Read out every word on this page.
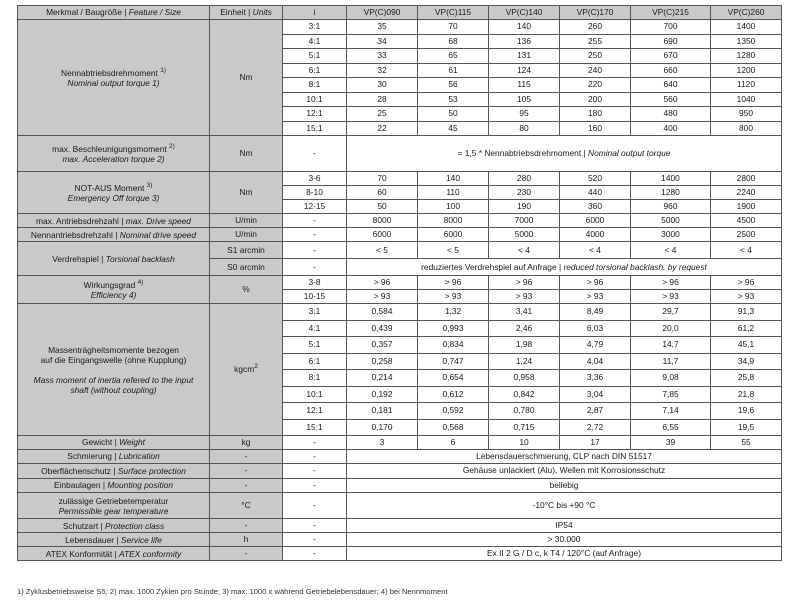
Merkmal / Baugröße | Feature / Size	Einheit | Units	i	VP(C)090	VP(C)115	VP(C)140	VP(C)170	VP(C)215	VP(C)260
Nennabtriebsdrehmoment $^{1)}$
Nominal output torque 1)	Nm	3:1	35	70	140	260	700	1400
		4:1	34	68	136	255	690	1350
		5:1	33	65	131	250	670	1280
		6:1	32	61	124	240	660	1200
		8:1	30	56	115	220	640	1120
		10:1	28	53	105	200	560	1040
		12:1	25	50	95	180	480	950
		15:1	22	45	80	160	400	800
max. Beschleunigungsmoment $^{2)}$
max. Acceleration torque 2)	Nm	-	= 1,5 * Nennabtriebsdrehmoment | Nominal output torque					
NOT-AUS Moment $^{3)}$
Emergency Off torque 3)	Nm	3-6	70	140	280	520	1400	2800
		8-10	60	110	230	440	1280	2240
		12-15	50	100	190	360	960	1900
max. Antriebsdrehzahl | max. Drive speed	U/min	-	8000	8000	7000	6000	5000	4500
Nennantriebsdrehzahl | Nominal drive speed	U/min	-	6000	6000	5000	4000	3000	2500
Verdrehspiel | Torsional backlash	S1 arcmin	-	< 5	< 5	< 4	< 4	< 4	< 4
	S0 arcmin	-	reduziertes Verdrehspiel auf Anfrage | reduced torsional backlash, by request					
Wirkungsgrad $^{4)}$
Efficiency 4)	%	3-8	> 96	> 96	> 96	> 96	> 96	> 96
		10-15	> 93	> 93	> 93	> 93	> 93	> 93
Massenträgheitsmomente bezogen
auf die Eingangswelle (ohne Kupplung)

Mass moment of inertia refered to the input
shaft (without coupling)	kgcm$^2$	3:1	0,584	1,32	3,41	8,49	29,7	91,3
		4:1	0,439	0,993	2,46	6,03	20,0	61,2
		5:1	0,357	0,834	1,98	4,79	14,7	45,1
		6:1	0,258	0,747	1,24	4,04	11,7	34,9
		8:1	0,214	0,654	0,958	3,36	9,08	25,8
		10:1	0,192	0,612	0,842	3,04	7,85	21,8
		12:1	0,181	0,592	0,780	2,87	7,14	19,6
		15:1	0,170	0,568	0,715	2,72	6,55	19,5
Gewicht | Weight	kg	-	3	6	10	17	39	55
Schmierung | Lubrication	-	-	Lebensdauerschmierung, CLP nach DIN 51517					
Oberflächenschutz | Surface protection	-	-	Gehäuse unlackiert (Alu), Wellen mit Korrosionsschutz					
Einbaulagen | Mounting position	-	-	beliebig					
zulässige Getriebetemperatur
Permissible gear temperature	°C	-	-10°C bis +90 °C					
Schutzart | Protection class	-	-	IP54					
Lebensdauer | Service life	h	-	> 30.000					
ATEX Konformität | ATEX conformity	-	-	Ex II 2 G / D c, k T4 / 120°C (auf Anfrage)					
1) Zyklusbetriebsweise S5; 2) max. 1000 Zyklen pro Stunde; 3) max. 1000 x während Getriebelebensdauer; 4) bei Nennmoment
